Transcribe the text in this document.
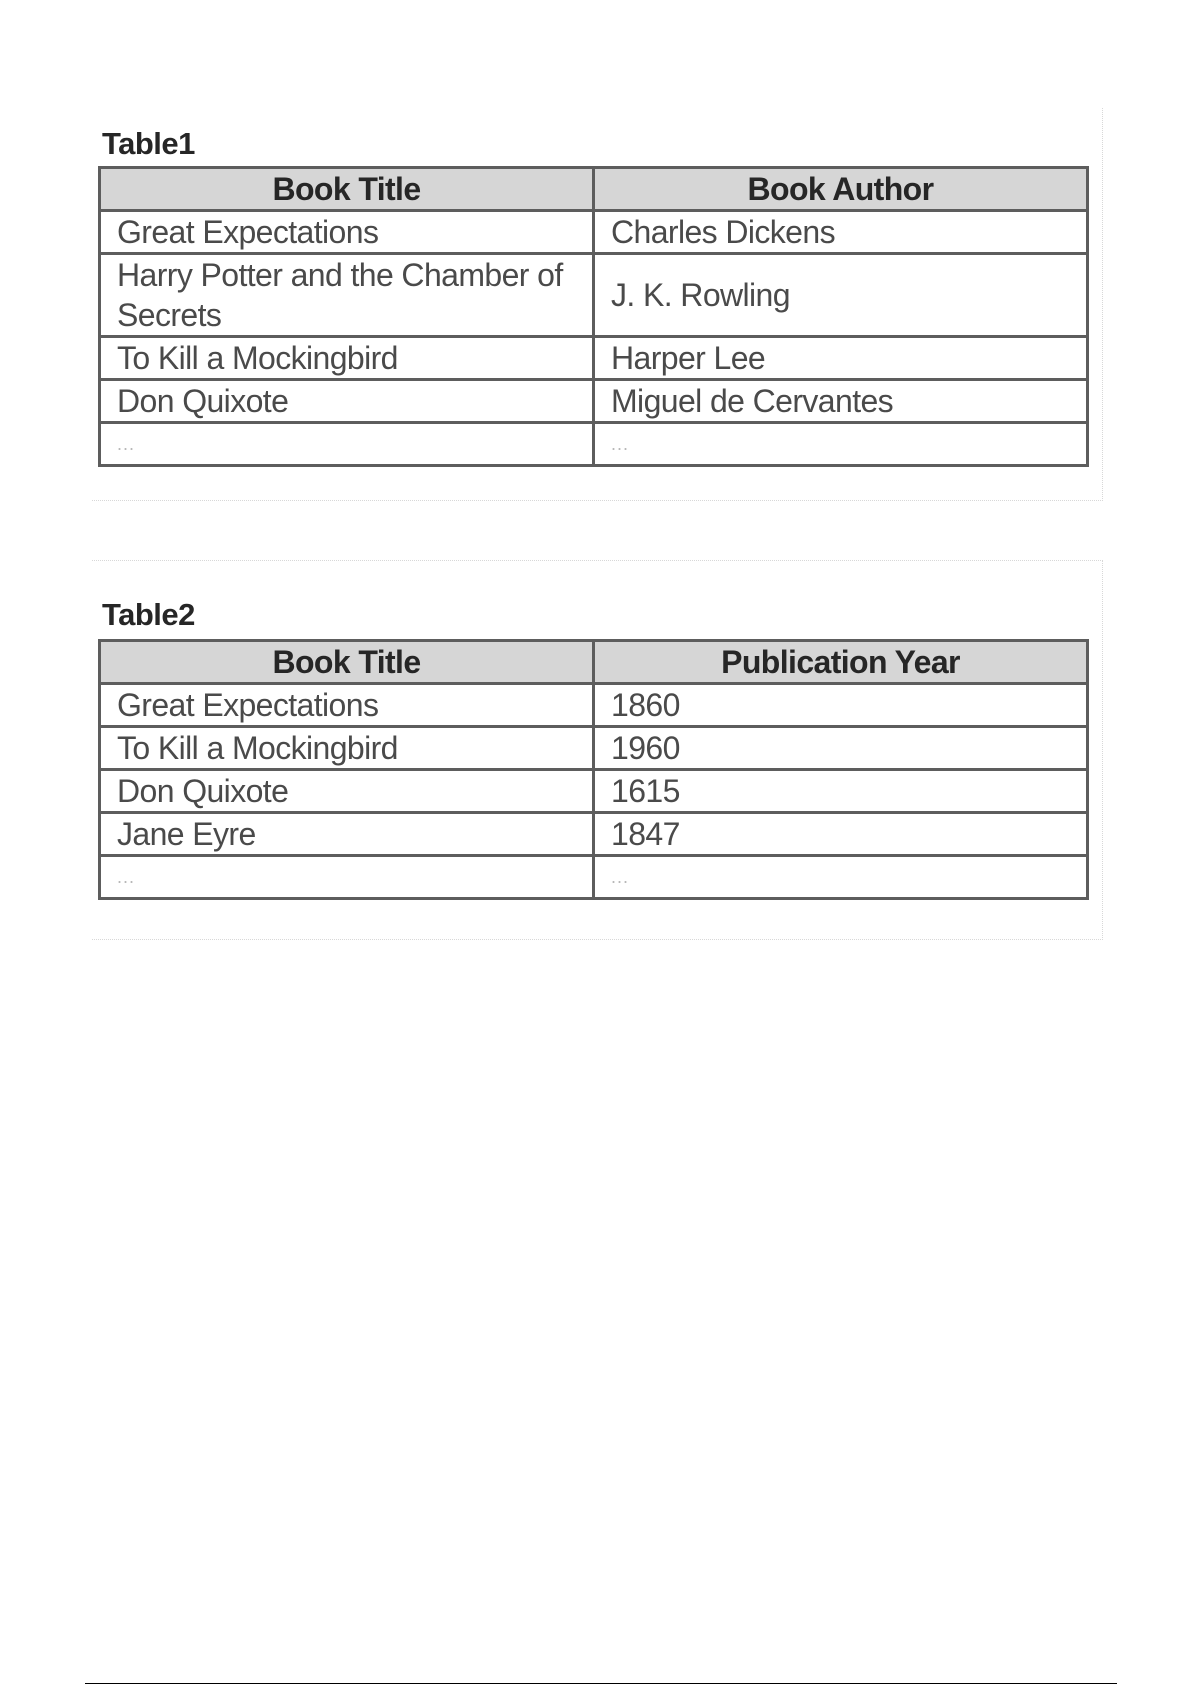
Table1
Book Title	Book Author
Great Expectations	Charles Dickens
Harry Potter and the Chamber of Secrets	J. K. Rowling
To Kill a Mockingbird	Harper Lee
Don Quixote	Miguel de Cervantes
...	...
Table2
Book Title	Publication Year
Great Expectations	1860
To Kill a Mockingbird	1960
Don Quixote	1615
Jane Eyre	1847
...	...
